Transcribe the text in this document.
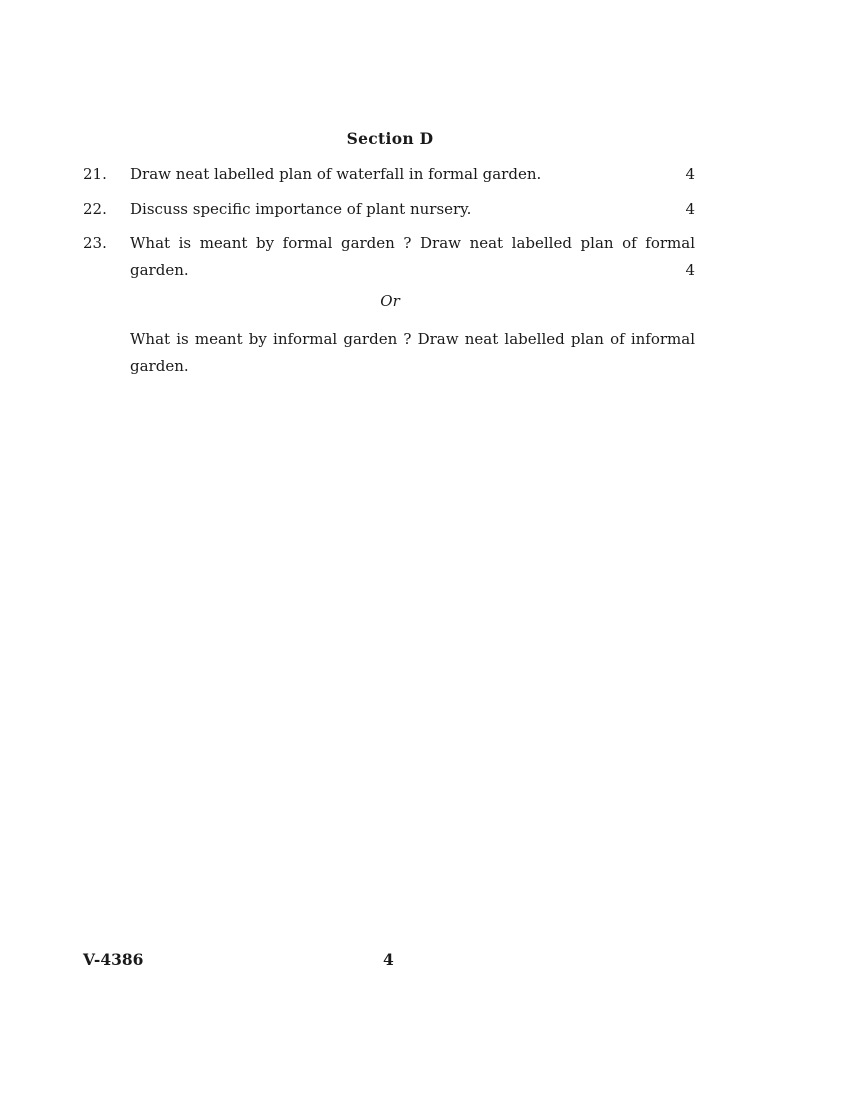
Section D
21.	Draw neat labelled plan of waterfall in formal garden.	4
22.	Discuss specific importance of plant nursery.	4
23.	What is meant by formal garden ? Draw neat labelled plan of formal garden.	4
Or
What is meant by informal garden ? Draw neat labelled plan of informal garden.
V-4386	4
